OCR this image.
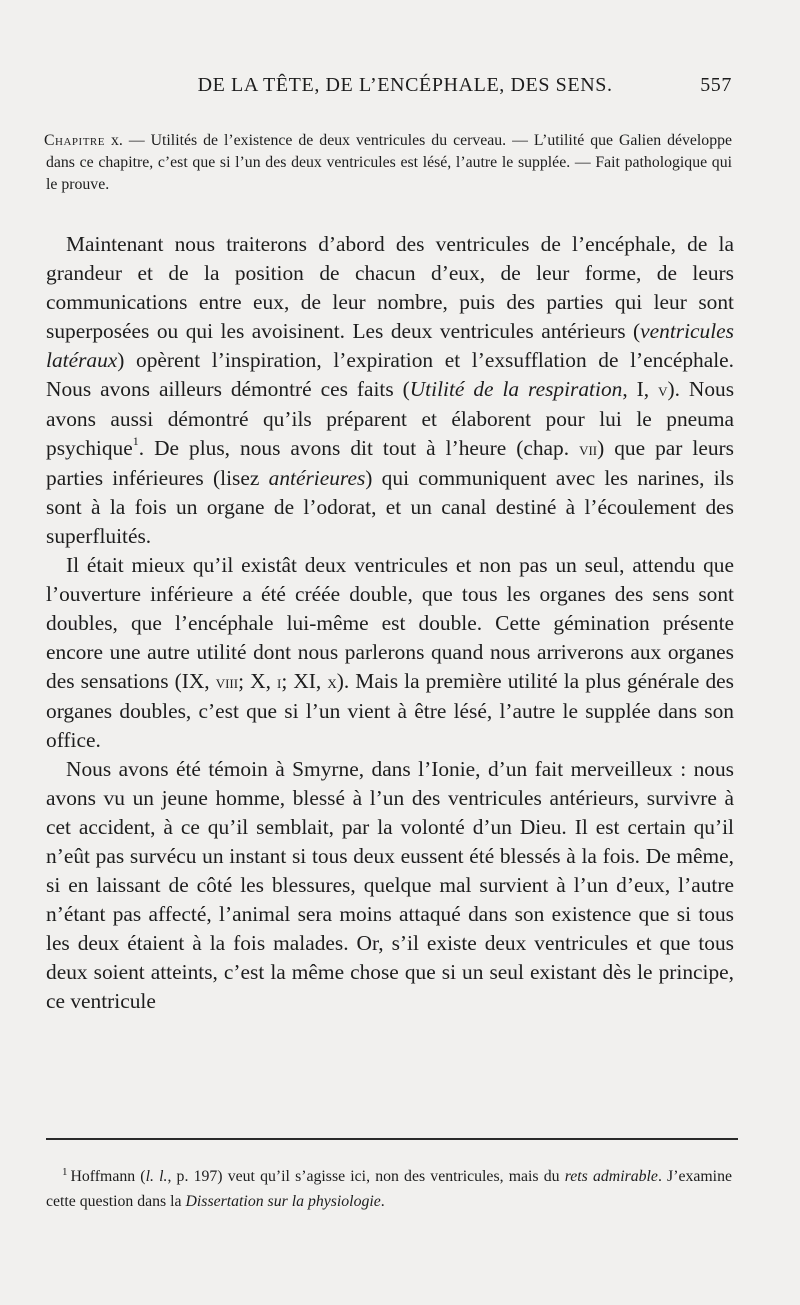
DE LA TÊTE, DE L’ENCÉPHALE, DES SENS.	557

Chapitre x. — Utilités de l’existence de deux ventricules du cerveau. — L’utilité que Galien développe dans ce chapitre, c’est que si l’un des deux ventricules est lésé, l’autre le supplée. — Fait pathologique qui le prouve.

Maintenant nous traiterons d’abord des ventricules de l’encéphale, de la grandeur et de la position de chacun d’eux, de leur forme, de leurs communications entre eux, de leur nombre, puis des parties qui leur sont superposées ou qui les avoisinent. Les deux ventricules antérieurs (ventricules latéraux) opèrent l’inspiration, l’expiration et l’exsufflation de l’encéphale. Nous avons ailleurs démontré ces faits (Utilité de la respiration, I, v). Nous avons aussi démontré qu’ils préparent et élaborent pour lui le pneuma psychique$^1$. De plus, nous avons dit tout à l’heure (chap. vii) que par leurs parties inférieures (lisez antérieures) qui communiquent avec les narines, ils sont à la fois un organe de l’odorat, et un canal destiné à l’écoulement des superfluités.

Il était mieux qu’il existât deux ventricules et non pas un seul, attendu que l’ouverture inférieure a été créée double, que tous les organes des sens sont doubles, que l’encéphale lui-même est double. Cette gémination présente encore une autre utilité dont nous parlerons quand nous arriverons aux organes des sensations (IX, viii; X, i; XI, x). Mais la première utilité la plus générale des organes doubles, c’est que si l’un vient à être lésé, l’autre le supplée dans son office.

Nous avons été témoin à Smyrne, dans l’Ionie, d’un fait merveilleux : nous avons vu un jeune homme, blessé à l’un des ventricules antérieurs, survivre à cet accident, à ce qu’il semblait, par la volonté d’un Dieu. Il est certain qu’il n’eût pas survécu un instant si tous deux eussent été blessés à la fois. De même, si en laissant de côté les blessures, quelque mal survient à l’un d’eux, l’autre n’étant pas affecté, l’animal sera moins attaqué dans son existence que si tous les deux étaient à la fois malades. Or, s’il existe deux ventricules et que tous deux soient atteints, c’est la même chose que si un seul existant dès le principe, ce ventricule

$^1$ Hoffmann (l. l., p. 197) veut qu’il s’agisse ici, non des ventricules, mais du rets admirable. J’examine cette question dans la Dissertation sur la physiologie.
